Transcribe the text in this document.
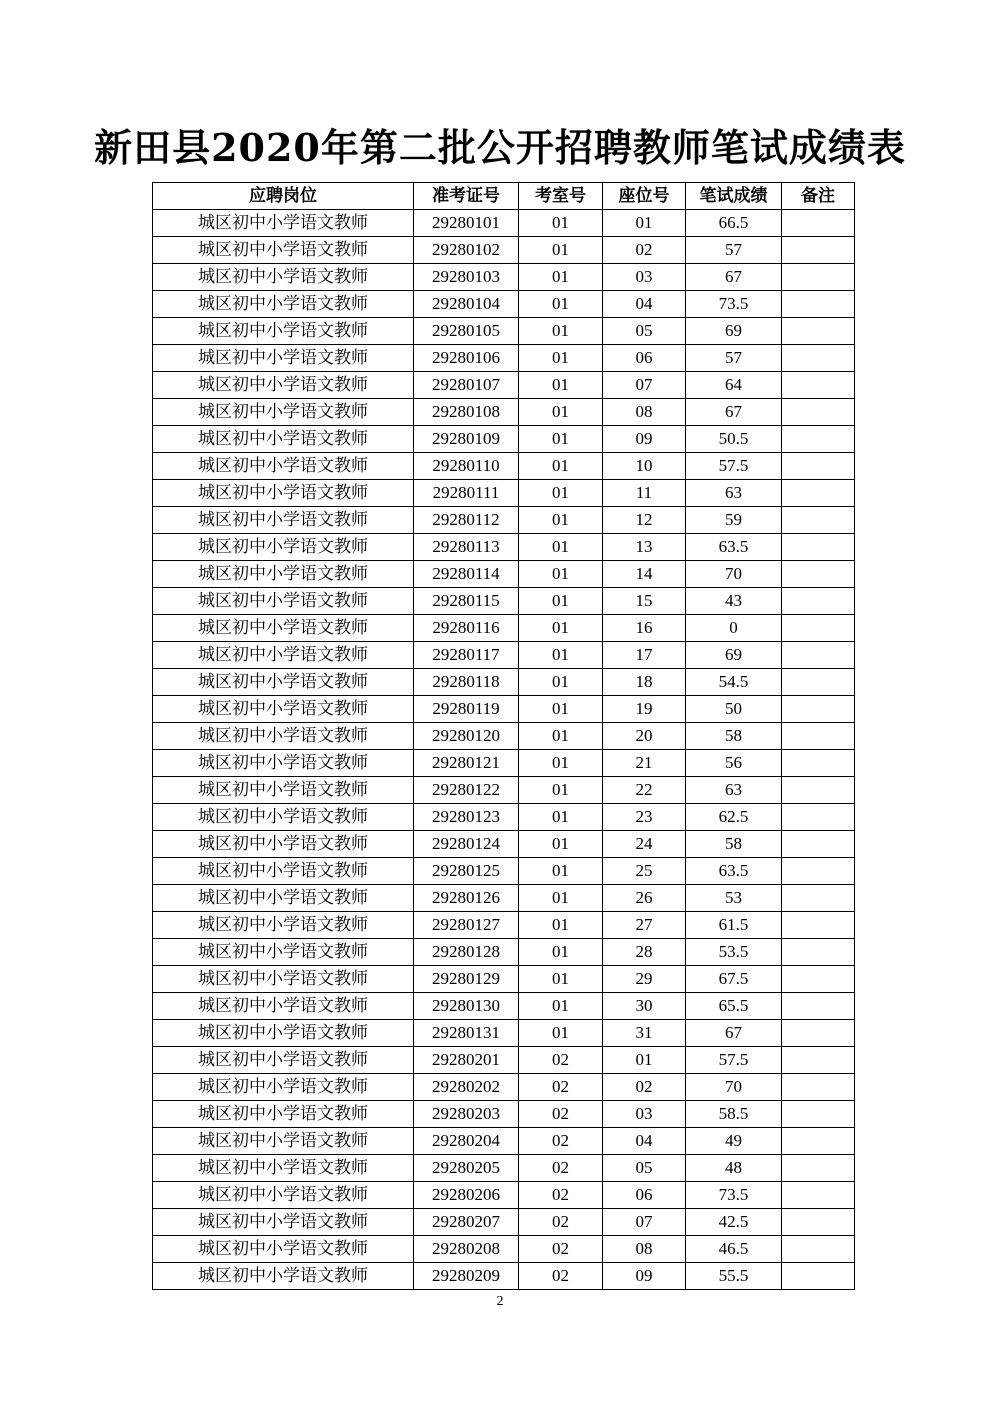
新田县2020年第二批公开招聘教师笔试成绩表
应聘岗位	准考证号	考室号	座位号	笔试成绩	备注
城区初中小学语文教师	29280101	01	01	66.5	
城区初中小学语文教师	29280102	01	02	57	
城区初中小学语文教师	29280103	01	03	67	
城区初中小学语文教师	29280104	01	04	73.5	
城区初中小学语文教师	29280105	01	05	69	
城区初中小学语文教师	29280106	01	06	57	
城区初中小学语文教师	29280107	01	07	64	
城区初中小学语文教师	29280108	01	08	67	
城区初中小学语文教师	29280109	01	09	50.5	
城区初中小学语文教师	29280110	01	10	57.5	
城区初中小学语文教师	29280111	01	11	63	
城区初中小学语文教师	29280112	01	12	59	
城区初中小学语文教师	29280113	01	13	63.5	
城区初中小学语文教师	29280114	01	14	70	
城区初中小学语文教师	29280115	01	15	43	
城区初中小学语文教师	29280116	01	16	0	
城区初中小学语文教师	29280117	01	17	69	
城区初中小学语文教师	29280118	01	18	54.5	
城区初中小学语文教师	29280119	01	19	50	
城区初中小学语文教师	29280120	01	20	58	
城区初中小学语文教师	29280121	01	21	56	
城区初中小学语文教师	29280122	01	22	63	
城区初中小学语文教师	29280123	01	23	62.5	
城区初中小学语文教师	29280124	01	24	58	
城区初中小学语文教师	29280125	01	25	63.5	
城区初中小学语文教师	29280126	01	26	53	
城区初中小学语文教师	29280127	01	27	61.5	
城区初中小学语文教师	29280128	01	28	53.5	
城区初中小学语文教师	29280129	01	29	67.5	
城区初中小学语文教师	29280130	01	30	65.5	
城区初中小学语文教师	29280131	01	31	67	
城区初中小学语文教师	29280201	02	01	57.5	
城区初中小学语文教师	29280202	02	02	70	
城区初中小学语文教师	29280203	02	03	58.5	
城区初中小学语文教师	29280204	02	04	49	
城区初中小学语文教师	29280205	02	05	48	
城区初中小学语文教师	29280206	02	06	73.5	
城区初中小学语文教师	29280207	02	07	42.5	
城区初中小学语文教师	29280208	02	08	46.5	
城区初中小学语文教师	29280209	02	09	55.5	
2
